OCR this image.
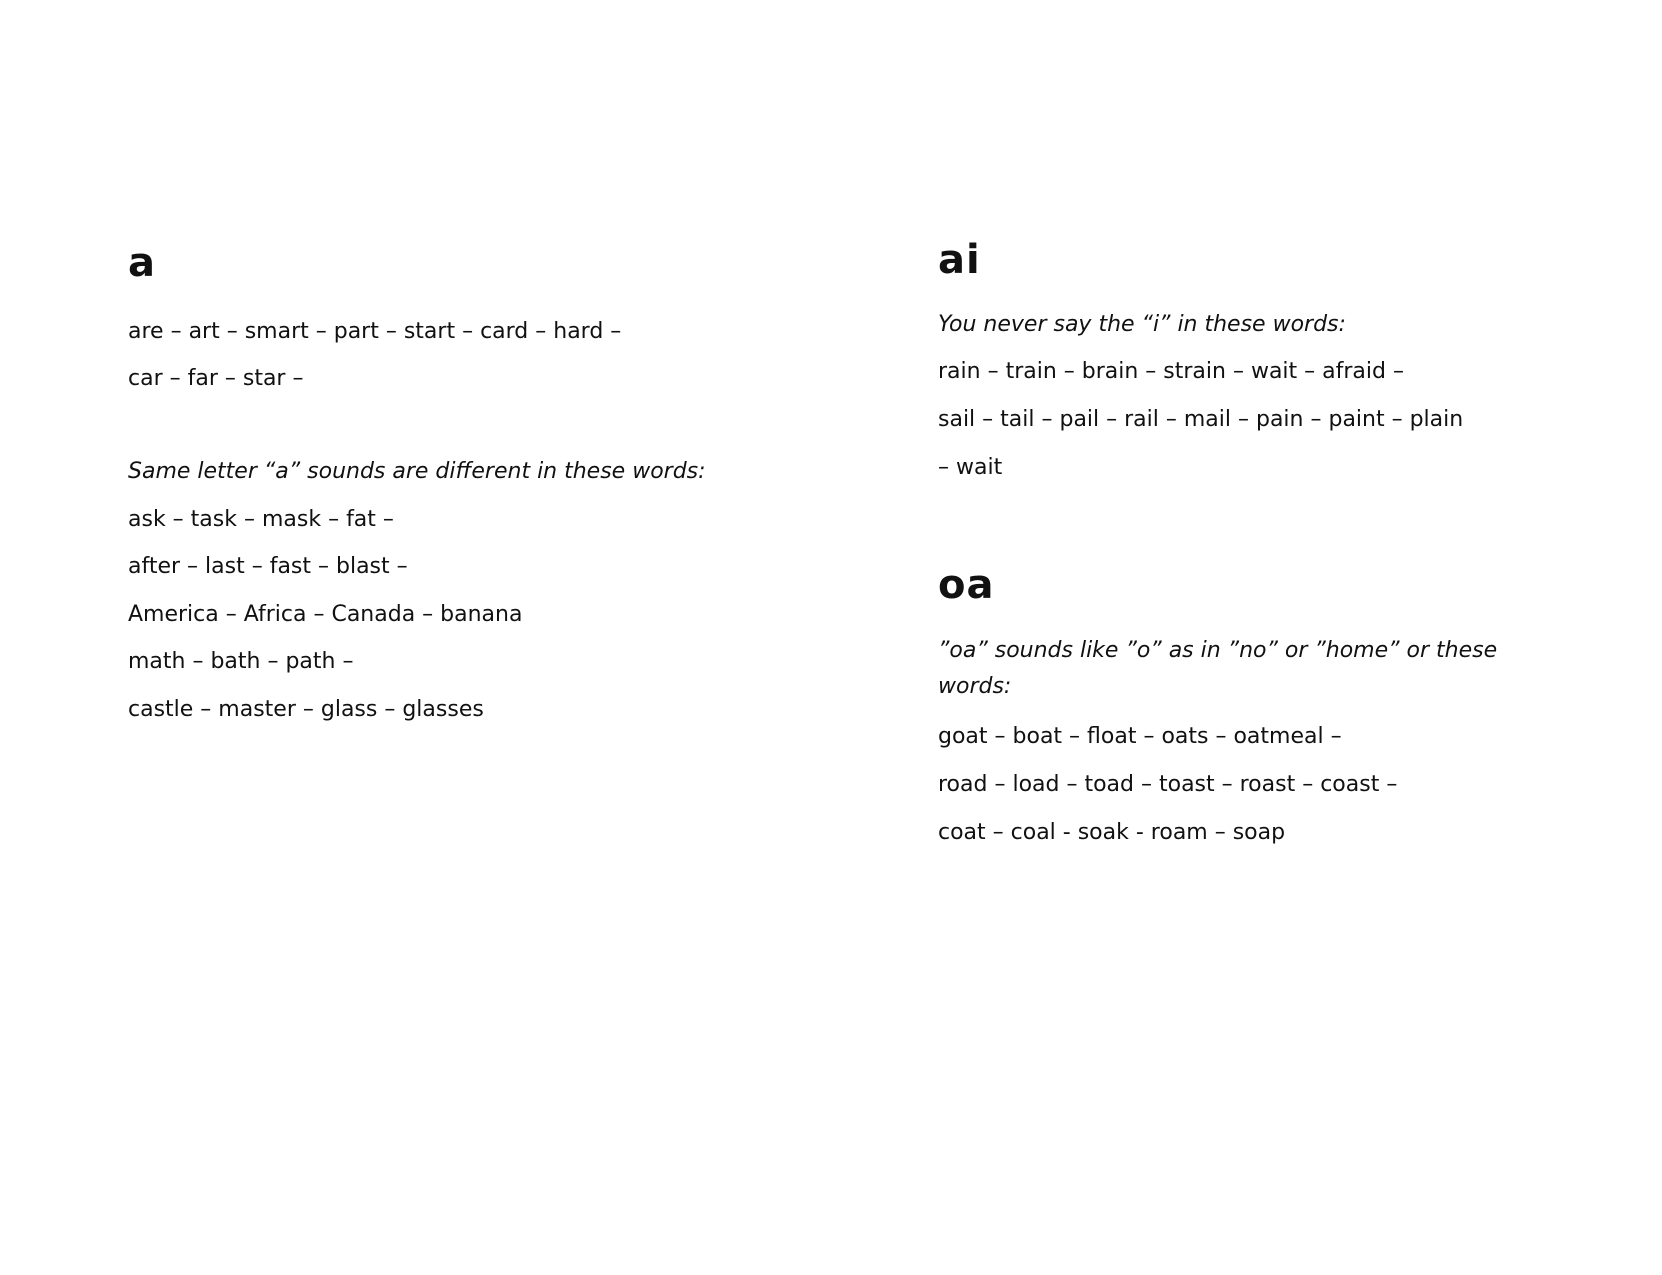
a

are – art – smart – part – start – card – hard –

car – far – star –

Same letter “a” sounds are different in these words:

ask – task – mask – fat –

after – last – fast – blast –

America – Africa – Canada – banana

math – bath – path –

castle – master – glass – glasses

ai

You never say the “i” in these words:

rain – train – brain – strain – wait – afraid –

sail – tail – pail – rail – mail – pain – paint – plain

– wait

oa

”oa” sounds like ”o” as in ”no” or ”home” or these words:

goat – boat – float – oats – oatmeal –

road – load – toad – toast – roast – coast –

coat – coal - soak - roam – soap
